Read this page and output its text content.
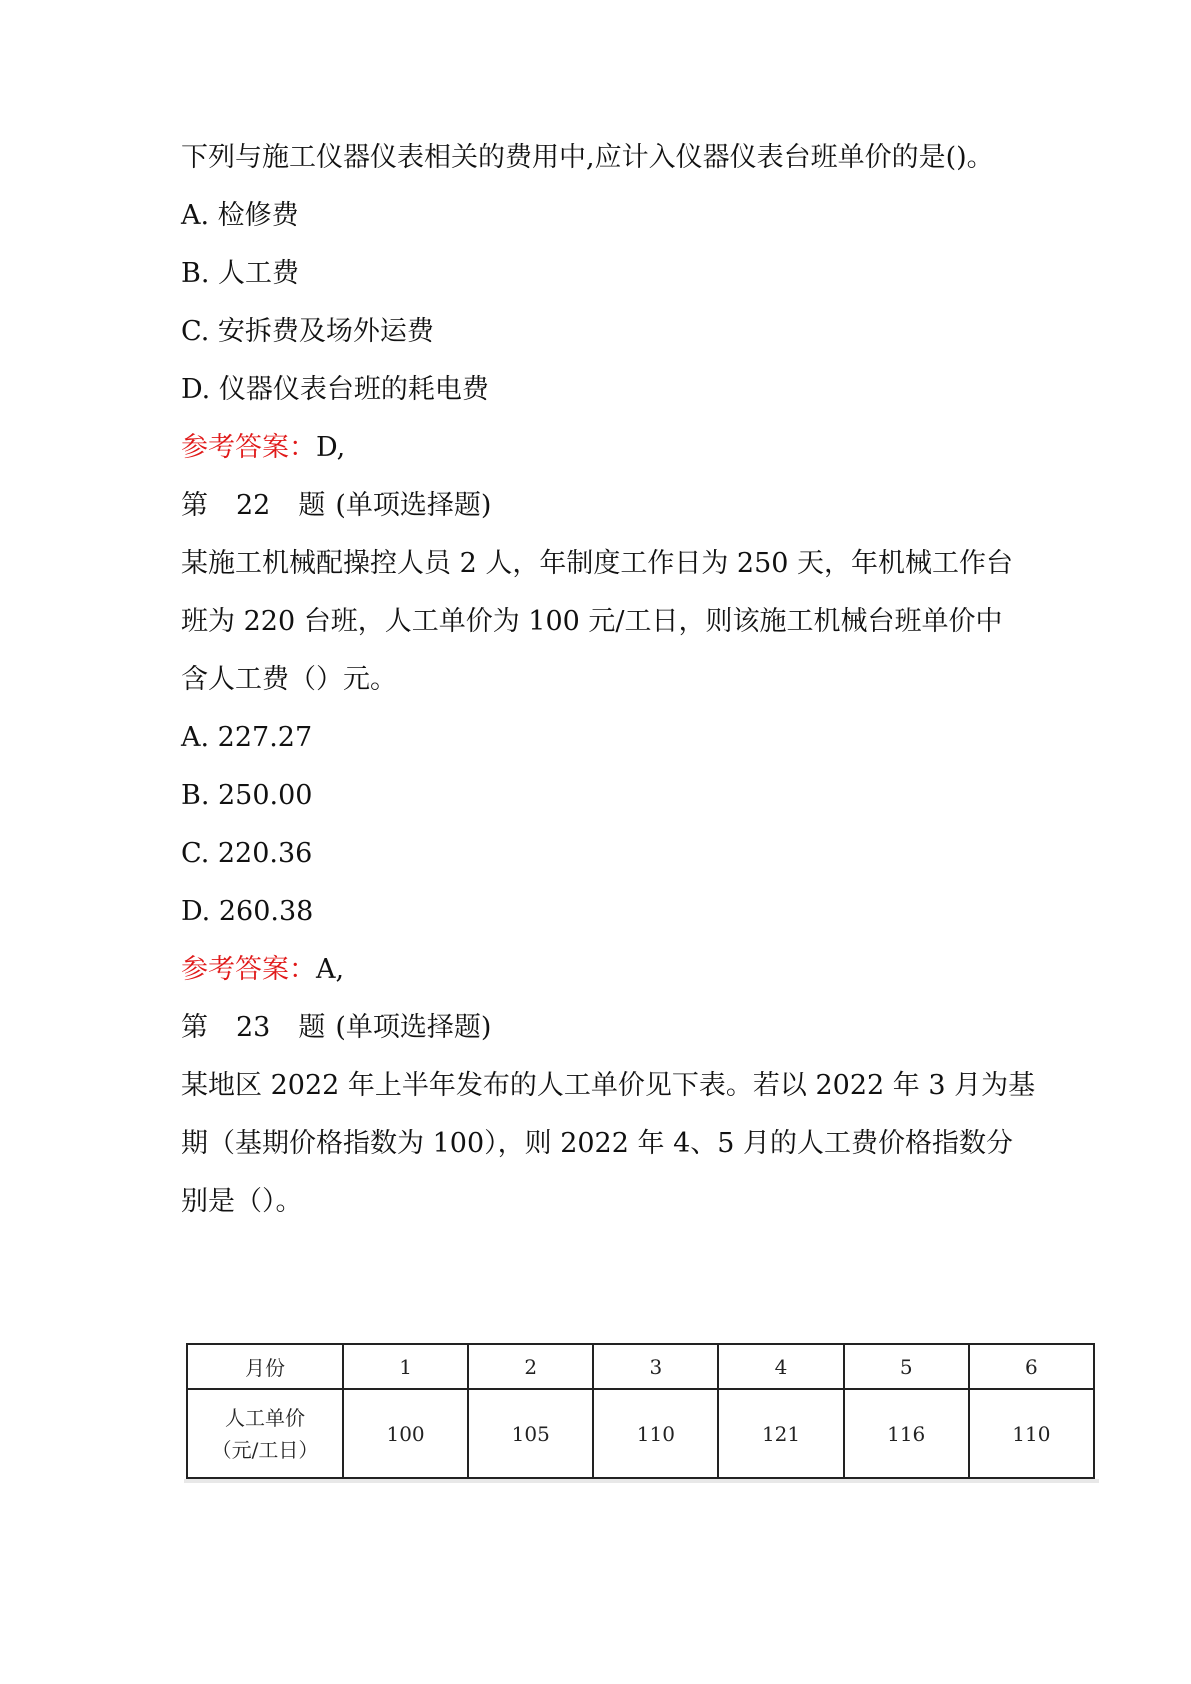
下列与施工仪器仪表相关的费用中,应计入仪器仪表台班单价的是()。
A. 检修费
B. 人工费
C. 安拆费及场外运费
D. 仪器仪表台班的耗电费
参考答案：D,
第 22 题 (单项选择题)
某施工机械配操控人员 2 人，年制度工作日为 250 天，年机械工作台
班为 220 台班，人工单价为 100 元/工日，则该施工机械台班单价中
含人工费（）元。
A. 227.27
B. 250.00
C. 220.36
D. 260.38
参考答案：A,
第 23 题 (单项选择题)
某地区 2022 年上半年发布的人工单价见下表。若以 2022 年 3 月为基
期（基期价格指数为 100），则 2022 年 4、5 月的人工费价格指数分
别是（）。
月份	1	2	3	4	5	6

人工单价
（元/工日）	100	105	110	121	116	110
